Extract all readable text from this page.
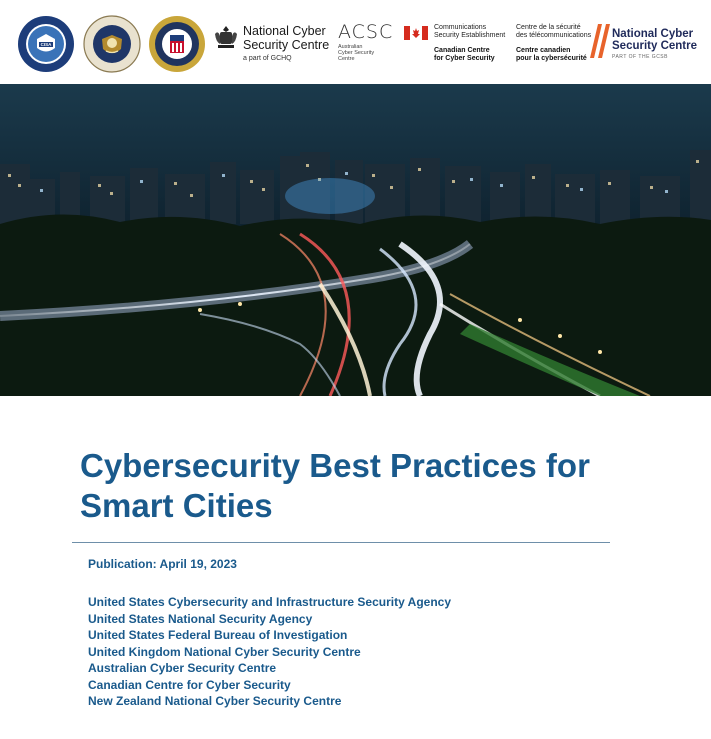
CISA
National Cyber
Security Centre
a part of GCHQ
ACSC
Australian
Cyber Security
Centre
Communications
Security Establishment
Canadian Centre
for Cyber Security
Centre de la sécurité
des télécommunications
Centre canadien
pour la cybersécurité
National Cyber
Security Centre
PART OF THE GCSB
Cybersecurity Best Practices for Smart Cities
Publication: April 19, 2023
United States Cybersecurity and Infrastructure Security Agency
United States National Security Agency
United States Federal Bureau of Investigation
United Kingdom National Cyber Security Centre
Australian Cyber Security Centre
Canadian Centre for Cyber Security
New Zealand National Cyber Security Centre
